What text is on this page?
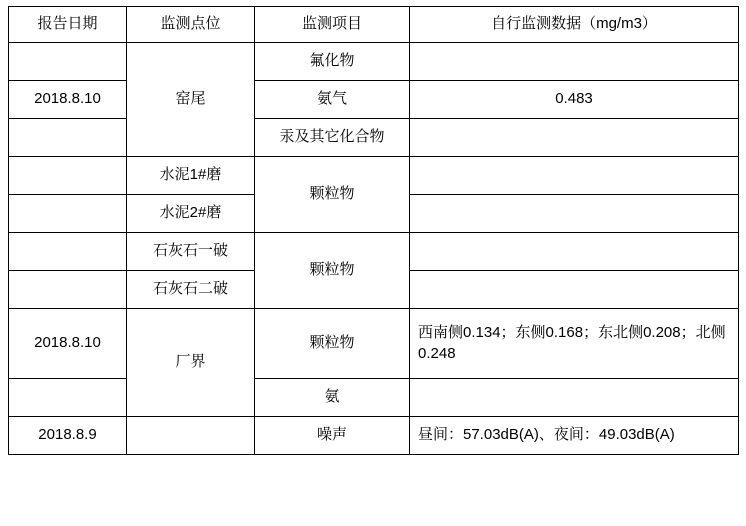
报告日期	监测点位	监测项目	自行监测数据（mg/m3）
	窑尾	氟化物	
2018.8.10		氨气	0.483
		汞及其它化合物	
	水泥1#磨	颗粒物	
	水泥2#磨		
	石灰石一破	颗粒物	
	石灰石二破		
2018.8.10	厂界	颗粒物	西南侧0.134；东侧0.168；东北侧0.208；北侧0.248
		氨	
2018.8.9		噪声	昼间：57.03dB(A)、夜间：49.03dB(A)
